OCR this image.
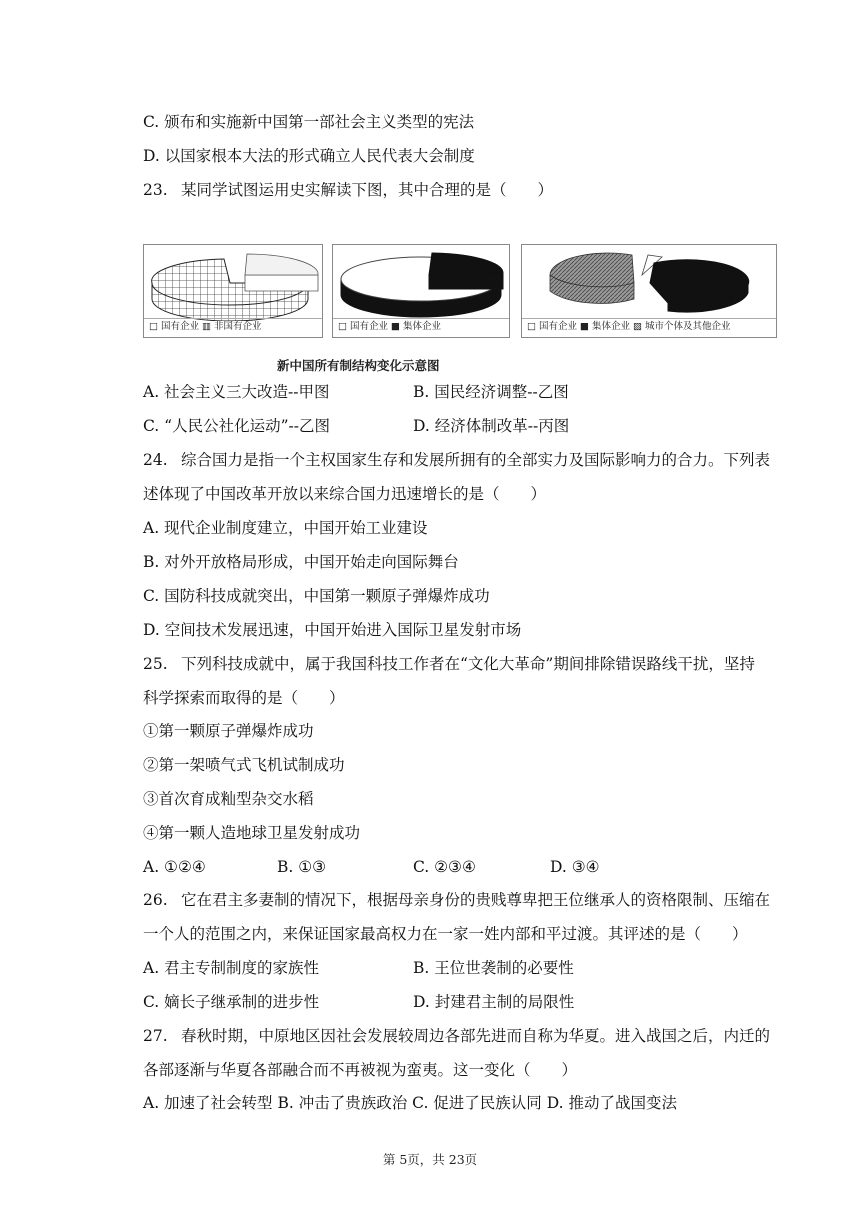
C. 颁布和实施新中国第一部社会主义类型的宪法
D. 以国家根本大法的形式确立人民代表大会制度
23. 某同学试图运用史实解读下图，其中合理的是（　　）
□ 国有企业 ▥ 非国有企业	□ 国有企业 ■ 集体企业	□ 国有企业 ■ 集体企业 ▨ 城市个体及其他企业
新中国所有制结构变化示意图
A. 社会主义三大改造--甲图	B. 国民经济调整--乙图
C. “人民公社化运动”--乙图	D. 经济体制改革--丙图
24. 综合国力是指一个主权国家生存和发展所拥有的全部实力及国际影响力的合力。下列表
述体现了中国改革开放以来综合国力迅速增长的是（　　）
A. 现代企业制度建立，中国开始工业建设
B. 对外开放格局形成，中国开始走向国际舞台
C. 国防科技成就突出，中国第一颗原子弹爆炸成功
D. 空间技术发展迅速，中国开始进入国际卫星发射市场
25. 下列科技成就中，属于我国科技工作者在“文化大革命”期间排除错误路线干扰，坚持
科学探索而取得的是（　　）
①第一颗原子弹爆炸成功
②第一架喷气式飞机试制成功
③首次育成籼型杂交水稻
④第一颗人造地球卫星发射成功
A. ①②④	B. ①③	C. ②③④	D. ③④
26. 它在君主多妻制的情况下，根据母亲身份的贵贱尊卑把王位继承人的资格限制、压缩在
一个人的范围之内，来保证国家最高权力在一家一姓内部和平过渡。其评述的是（　　）
A. 君主专制制度的家族性	B. 王位世袭制的必要性
C. 嫡长子继承制的进步性	D. 封建君主制的局限性
27. 春秋时期，中原地区因社会发展较周边各部先进而自称为华夏。进入战国之后，内迁的
各部逐渐与华夏各部融合而不再被视为蛮夷。这一变化（　　）
A. 加速了社会转型 B. 冲击了贵族政治 C. 促进了民族认同 D. 推动了战国变法
第 5页，共 23页
